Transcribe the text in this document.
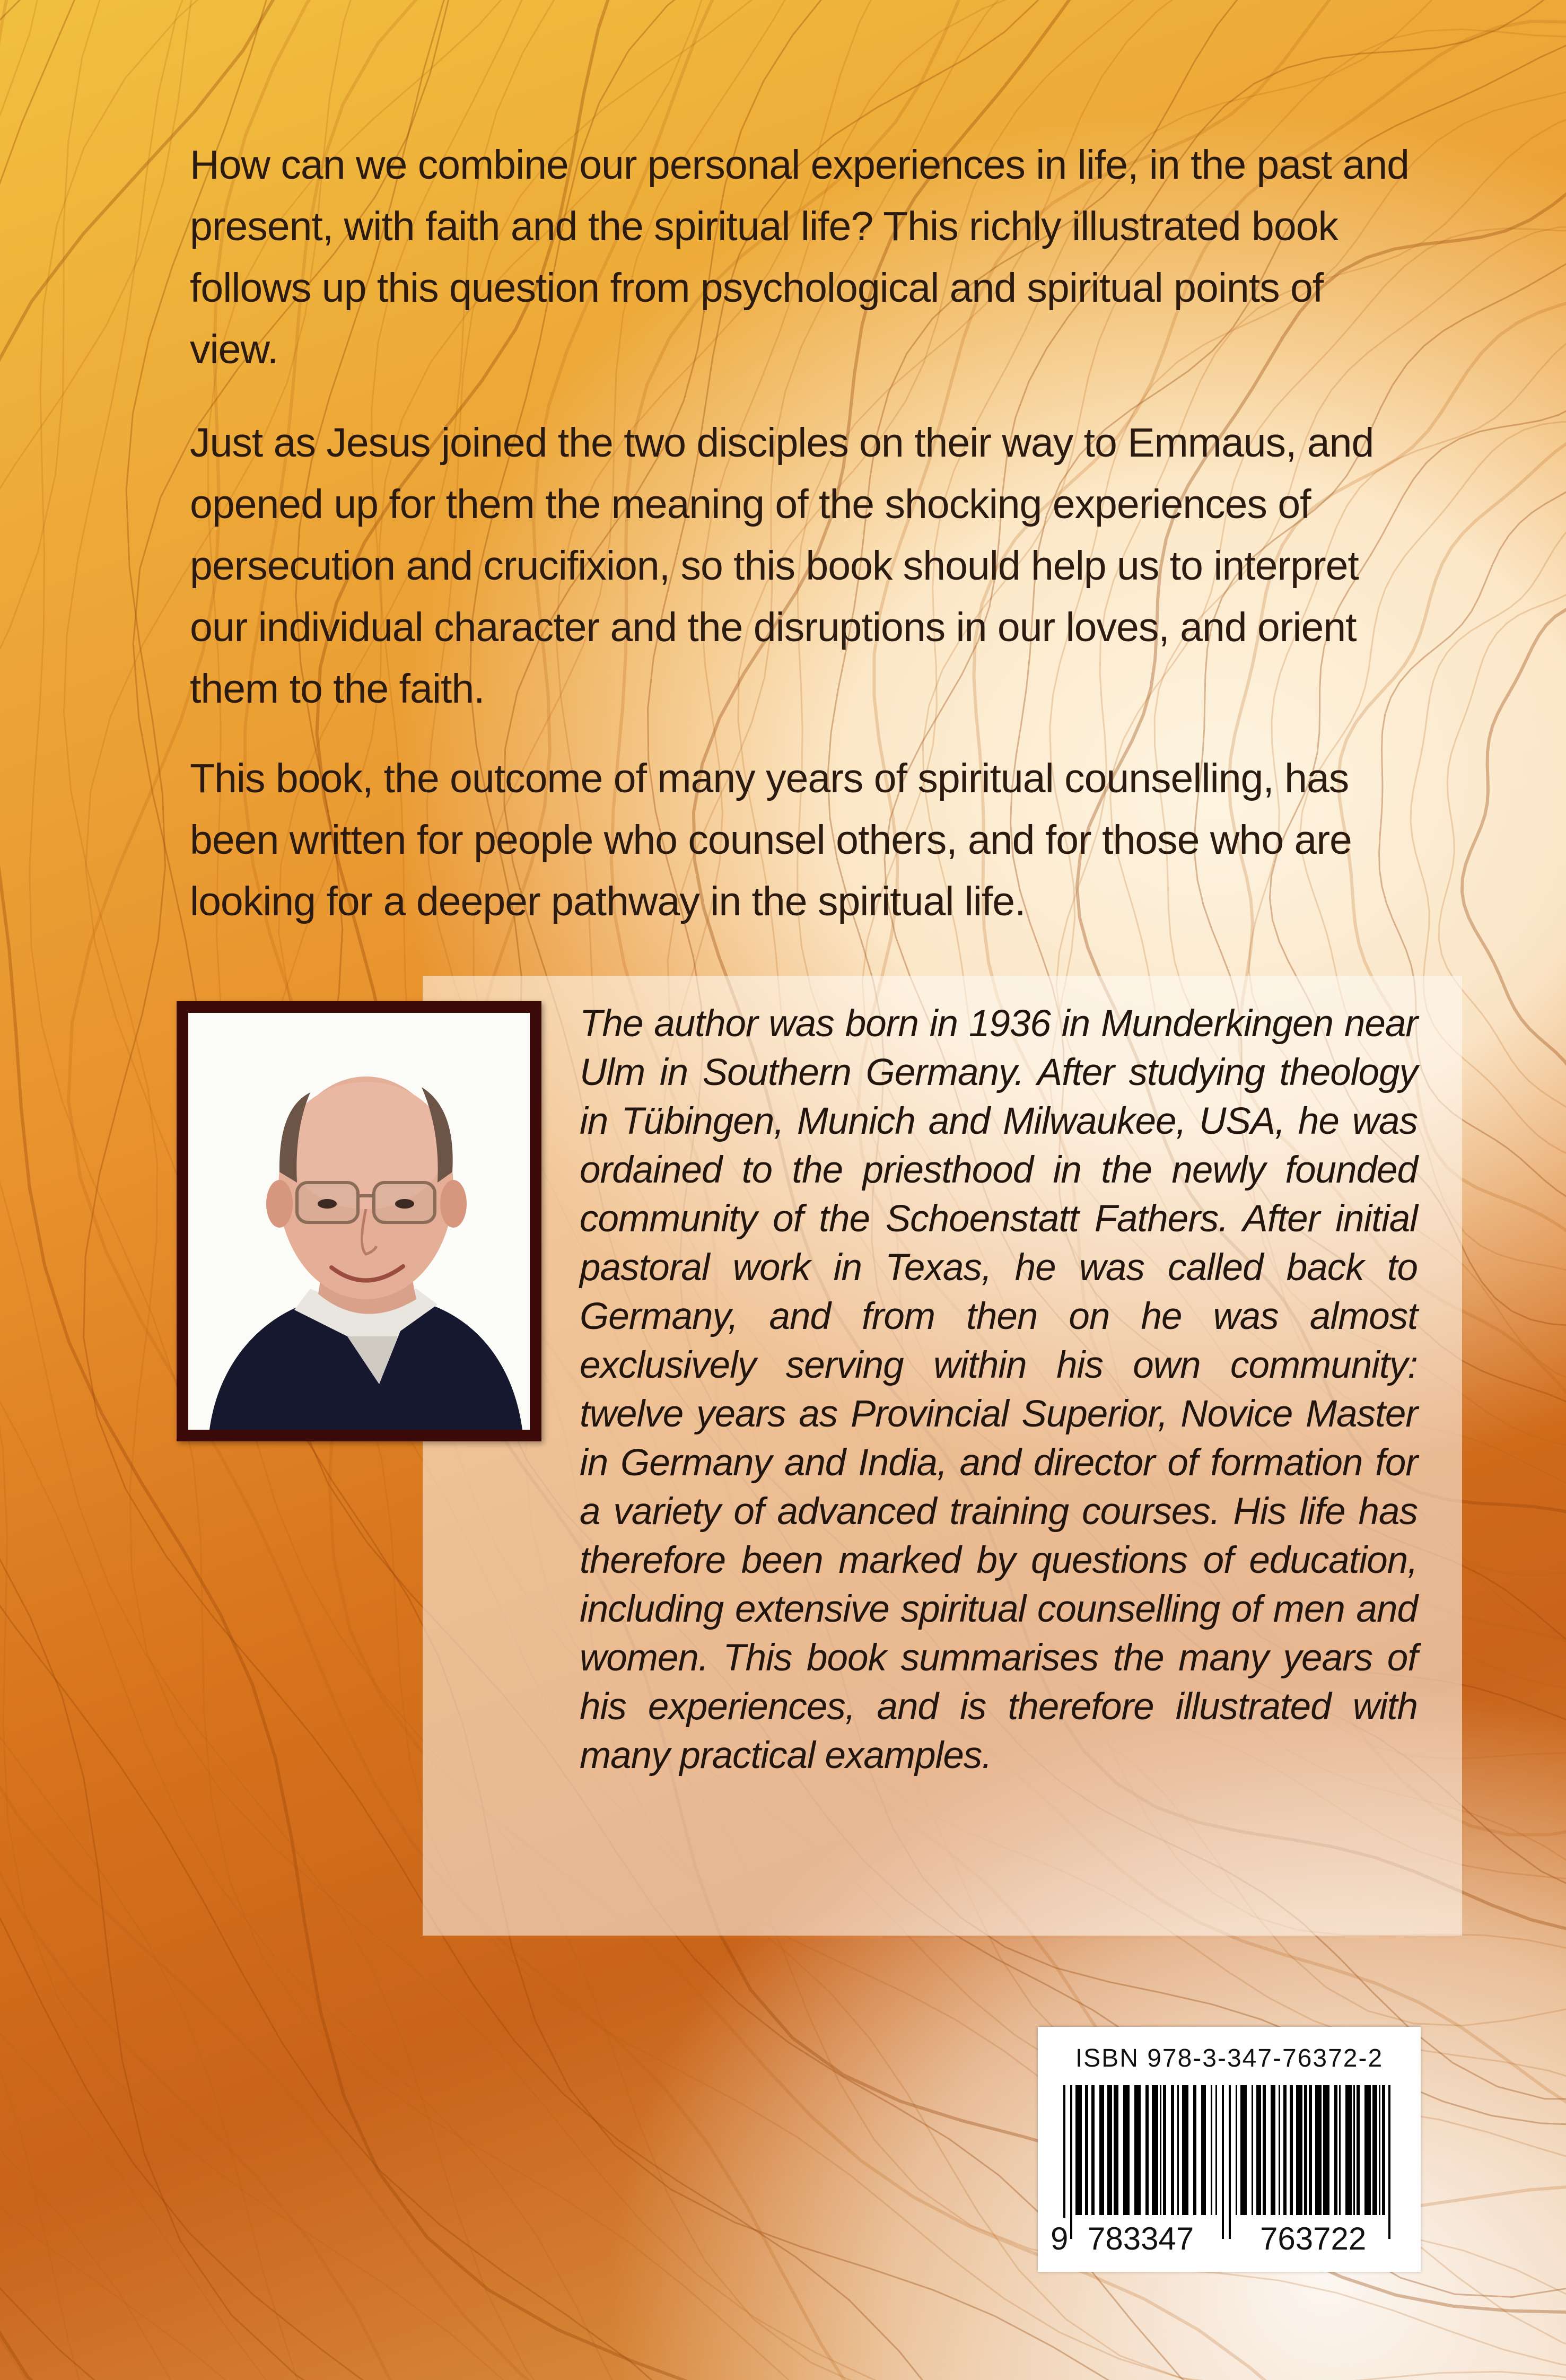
How can we combine our personal experiences in life, in the past and present, with faith and the spiritual life? This richly illustrated book follows up this question from psychological and spiritual points of view.

Just as Jesus joined the two disciples on their way to Emmaus, and opened up for them the meaning of the shocking experiences of persecution and crucifixion, so this book should help us to interpret our individual character and the disruptions in our loves, and orient them to the faith.

This book, the outcome of many years of spiritual counselling, has been written for people who counsel others, and for those who are looking for a deeper pathway in the spiritual life.

The author was born in 1936 in Munderkingen near Ulm in Southern Germany. After studying theology in Tübingen, Munich and Milwaukee, USA, he was ordained to the priesthood in the newly founded community of the Schoenstatt Fathers. After initial pastoral work in Texas, he was called back to Germany, and from then on he was almost exclusively serving within his own community: twelve years as Provincial Superior, Novice Master in Germany and India, and director of formation for a variety of advanced training courses. His life has therefore been marked by questions of education, including extensive spiritual counselling of men and women. This book summarises the many years of his experiences, and is therefore illustrated with many practical examples.

ISBN 978-3-347-76372-2
9 783347 763722
